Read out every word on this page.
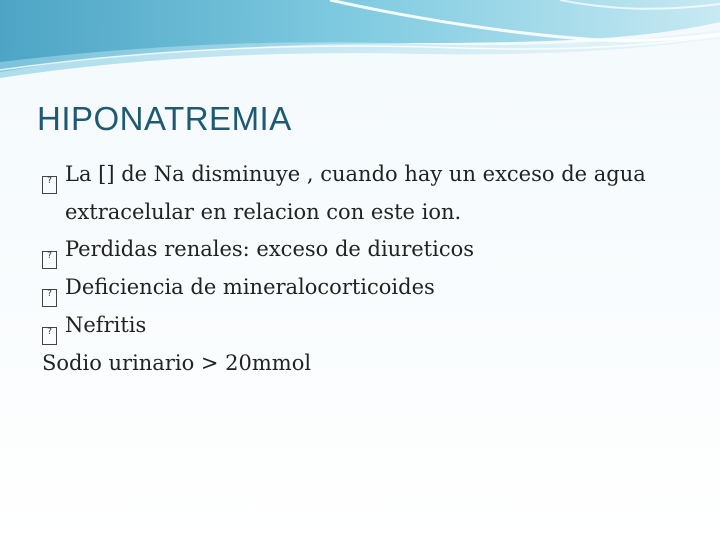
HIPONATREMIA

? La [] de Na disminuye , cuando hay un exceso de agua extracelular en relacion con este ion.

? Perdidas renales: exceso de diureticos

? Deficiencia de mineralocorticoides

? Nefritis

Sodio urinario > 20mmol
